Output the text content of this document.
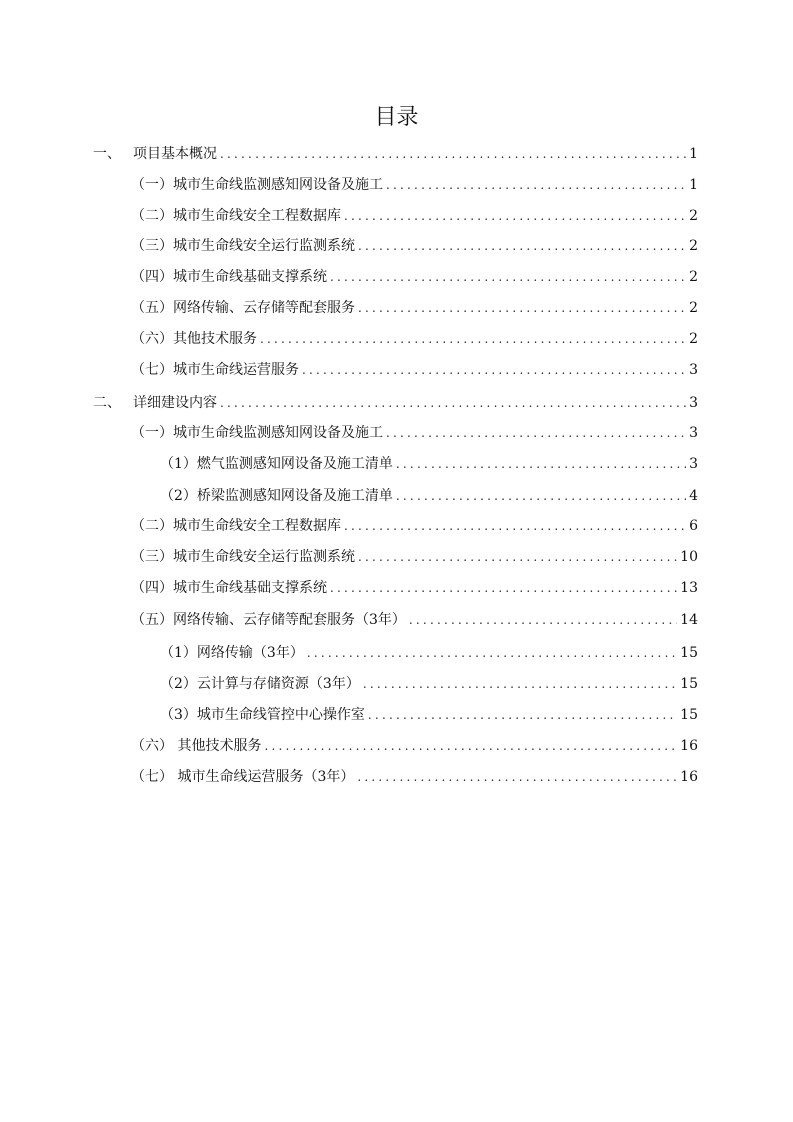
目录
一、 项目基本概况 .....	1
（一）城市生命线监测感知网设备及施工 .....	1
（二）城市生命线安全工程数据库 .....	2
（三）城市生命线安全运行监测系统 .....	2
（四）城市生命线基础支撑系统 .....	2
（五）网络传输、云存储等配套服务 .....	2
（六）其他技术服务 .....	2
（七）城市生命线运营服务 .....	3
二、 详细建设内容 .....	3
（一）城市生命线监测感知网设备及施工 .....	3
（1）燃气监测感知网设备及施工清单 .....	3
（2）桥梁监测感知网设备及施工清单 .....	4
（二）城市生命线安全工程数据库 .....	6
（三）城市生命线安全运行监测系统 .....	10
（四）城市生命线基础支撑系统 .....	13
（五）网络传输、云存储等配套服务（3年） .....	14
（1）网络传输（3年） .....	15
（2）云计算与存储资源（3年） .....	15
（3）城市生命线管控中心操作室 .....	15
（六） 其他技术服务 .....	16
（七） 城市生命线运营服务（3年） .....	16
